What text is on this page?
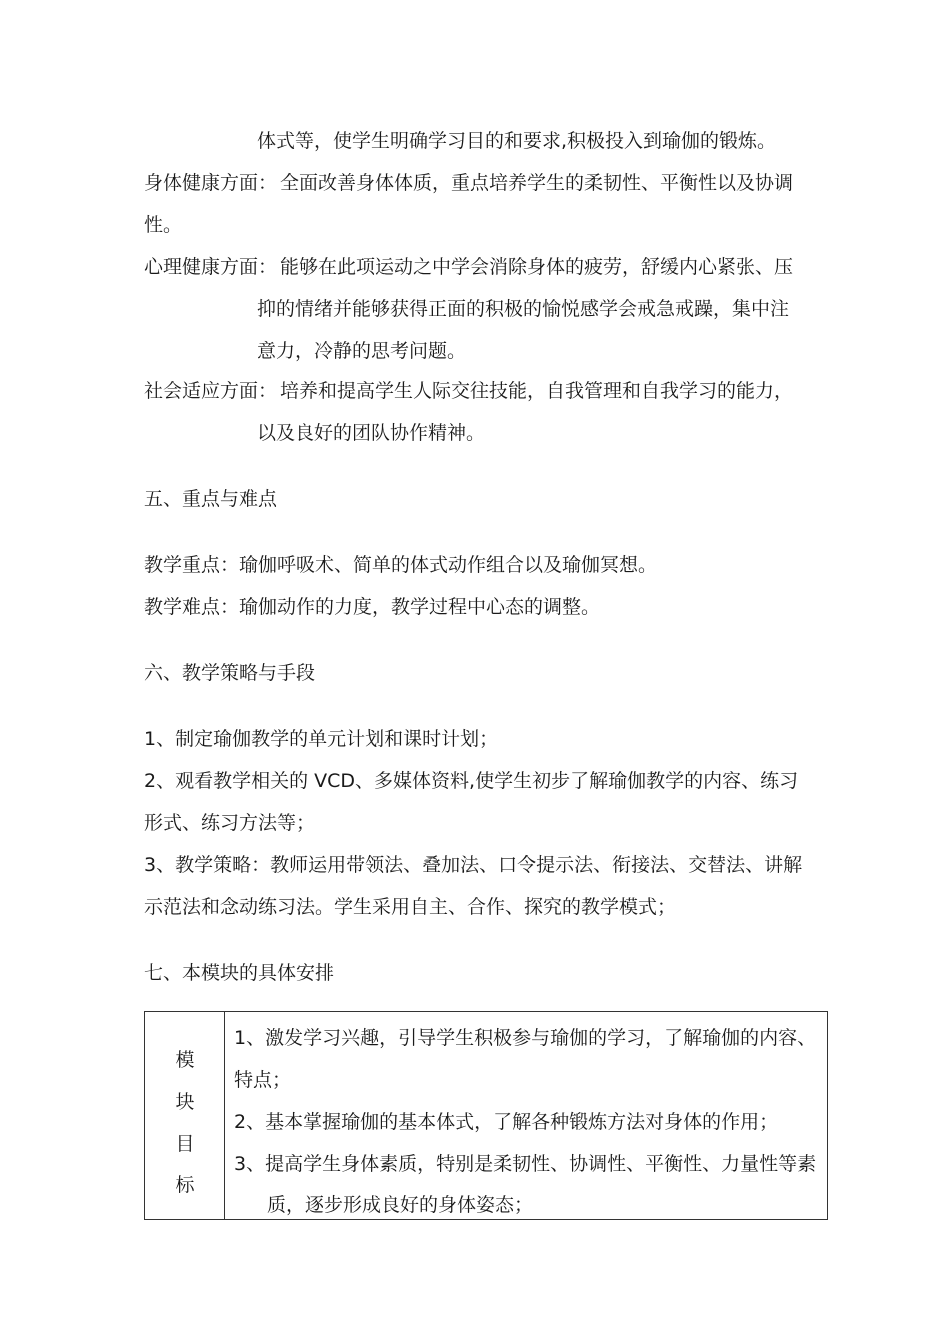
体式等，使学生明确学习目的和要求,积极投入到瑜伽的锻炼。
身体健康方面： 全面改善身体体质，重点培养学生的柔韧性、平衡性以及协调
性。
心理健康方面： 能够在此项运动之中学会消除身体的疲劳，舒缓内心紧张、压
抑的情绪并能够获得正面的积极的愉悦感学会戒急戒躁，集中注
意力，冷静的思考问题。
社会适应方面： 培养和提高学生人际交往技能，自我管理和自我学习的能力，
以及良好的团队协作精神。
五、重点与难点
教学重点：瑜伽呼吸术、简单的体式动作组合以及瑜伽冥想。
教学难点：瑜伽动作的力度，教学过程中心态的调整。
六、教学策略与手段
1、制定瑜伽教学的单元计划和课时计划；
2、观看教学相关的 VCD、多媒体资料,使学生初步了解瑜伽教学的内容、练习
形式、练习方法等；
3、教学策略：教师运用带领法、叠加法、口令提示法、衔接法、交替法、讲解
示范法和念动练习法。学生采用自主、合作、探究的教学模式；
七、本模块的具体安排
模
块
目
标
1、激发学习兴趣，引导学生积极参与瑜伽的学习，了解瑜伽的内容、
特点；
2、基本掌握瑜伽的基本体式，了解各种锻炼方法对身体的作用；
3、提高学生身体素质，特别是柔韧性、协调性、平衡性、力量性等素
质，逐步形成良好的身体姿态；
